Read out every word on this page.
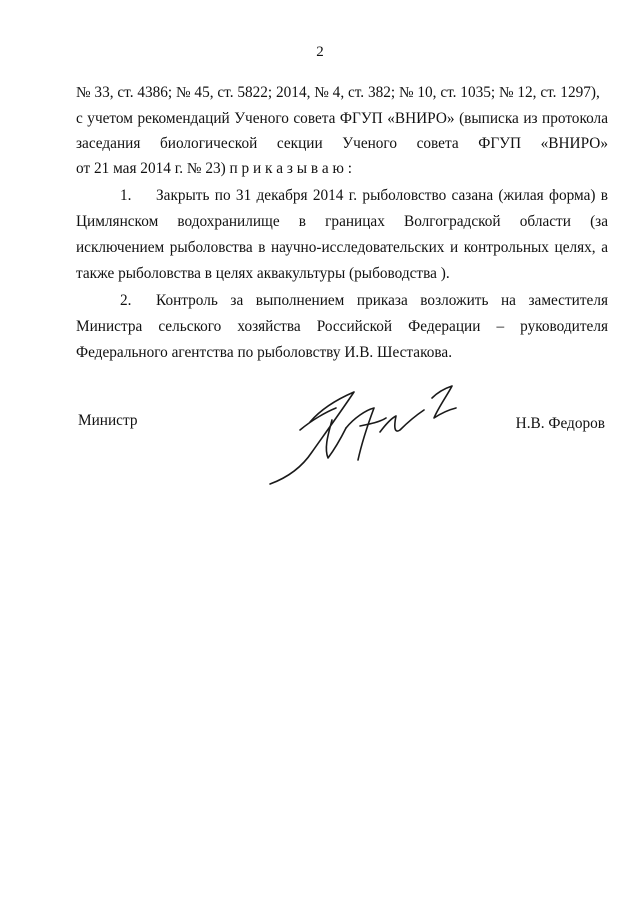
2
№ 33, ст. 4386; № 45, ст. 5822; 2014, № 4, ст. 382; № 10, ст. 1035; № 12, ст. 1297),
с учетом рекомендаций Ученого совета ФГУП «ВНИРО» (выписка из протокола
заседания биологической секции Ученого совета ФГУП «ВНИРО»
от 21 мая 2014 г. № 23) п р и к а з ы в а ю :
1. Закрыть по 31 декабря 2014 г. рыболовство сазана (жилая форма) в
Цимлянском водохранилище в границах Волгоградской области (за
исключением рыболовства в научно-исследовательских и контрольных целях, а
также рыболовства в целях аквакультуры (рыбоводства ).
2. Контроль за выполнением приказа возложить на заместителя
Министра сельского хозяйства Российской Федерации – руководителя
Федерального агентства по рыболовству И.В. Шестакова.
Министр	Н.В. Федоров
